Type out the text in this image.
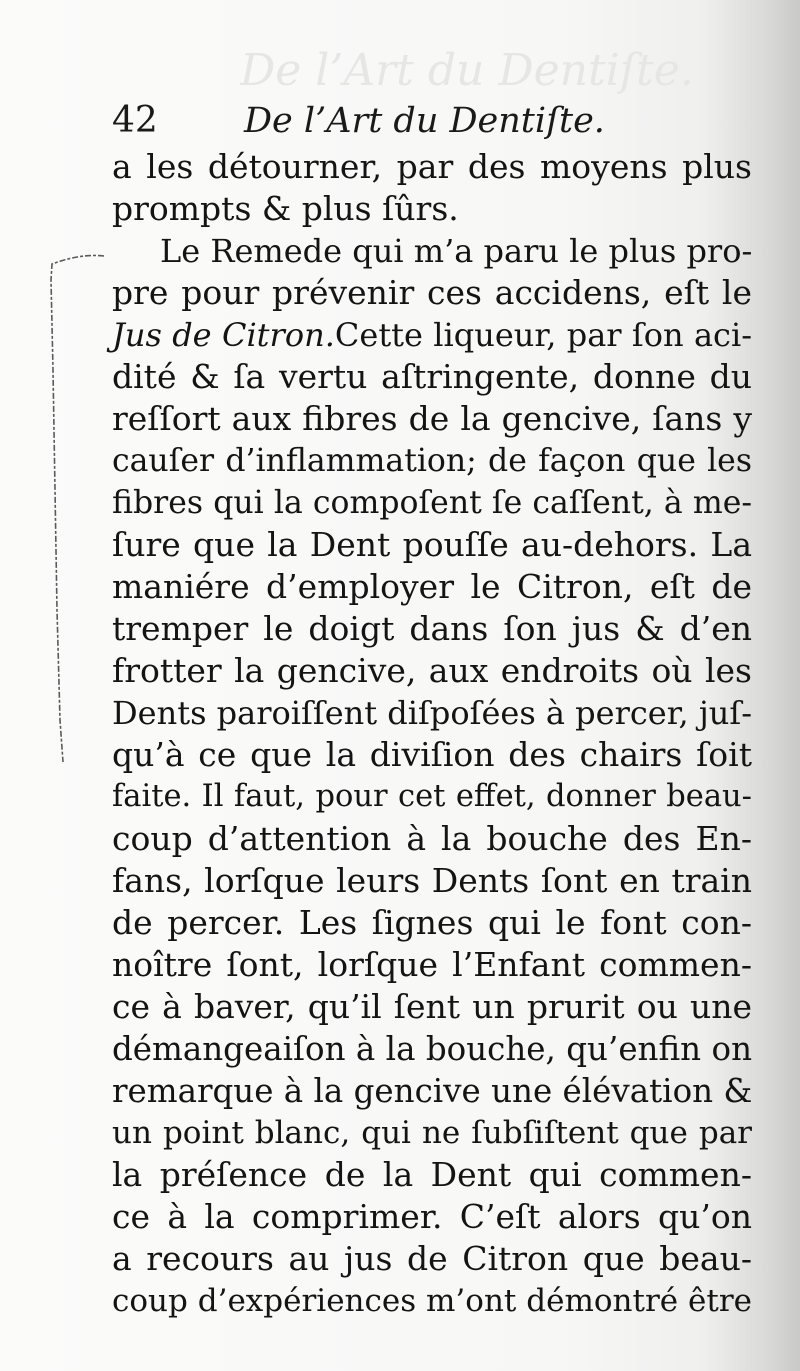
De l’Art du Dentiſte.
42 De l’Art du Dentiſte.
a les détourner, par des moyens plus
prompts & plus ſûrs.
Le Remede qui m’a paru le plus pro-
pre pour prévenir ces accidens, eſt le
Jus de Citron.Cette liqueur, par ſon aci-
dité & ſa vertu aſtringente, donne du
reſſort aux fibres de la gencive, ſans y
cauſer d’inflammation; de façon que les
fibres qui la compoſent ſe caſſent, à me-
ſure que la Dent pouſſe au-dehors. La
maniére d’employer le Citron, eſt de
tremper le doigt dans ſon jus & d’en
frotter la gencive, aux endroits où les
Dents paroiſſent diſpoſées à percer, juſ-
qu’à ce que la diviſion des chairs ſoit
faite. Il faut, pour cet effet, donner beau-
coup d’attention à la bouche des En-
fans, lorſque leurs Dents ſont en train
de percer. Les ſignes qui le font con-
noître ſont, lorſque l’Enfant commen-
ce à baver, qu’il ſent un prurit ou une
démangeaiſon à la bouche, qu’enfin on
remarque à la gencive une élévation &
un point blanc, qui ne ſubſiſtent que par
la préſence de la Dent qui commen-
ce à la comprimer. C’eſt alors qu’on
a recours au jus de Citron que beau-
coup d’expériences m’ont démontré être
